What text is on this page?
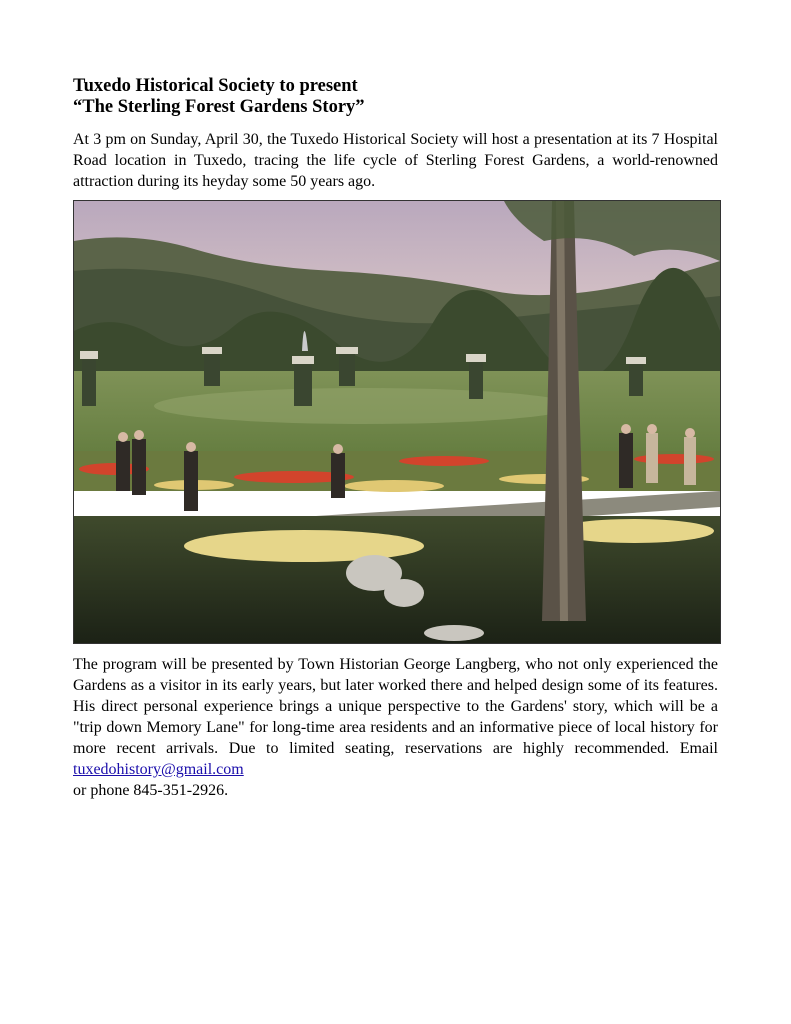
Tuxedo Historical Society to present
“The Sterling Forest Gardens Story”

At 3 pm on Sunday, April 30, the Tuxedo Historical Society will host a presentation at its 7 Hospital Road location in Tuxedo, tracing the life cycle of Sterling Forest Gardens, a world-renowned attraction during its heyday some 50 years ago.

The program will be presented by Town Historian George Langberg, who not only experienced the Gardens as a visitor in its early years, but later worked there and helped design some of its features. His direct personal experience brings a unique perspective to the Gardens' story, which will be a "trip down Memory Lane" for long-time area residents and an informative piece of local history for more recent arrivals. Due to limited seating, reservations are highly recommended. Email tuxedohistory@gmail.com
or phone 845-351-2926.
